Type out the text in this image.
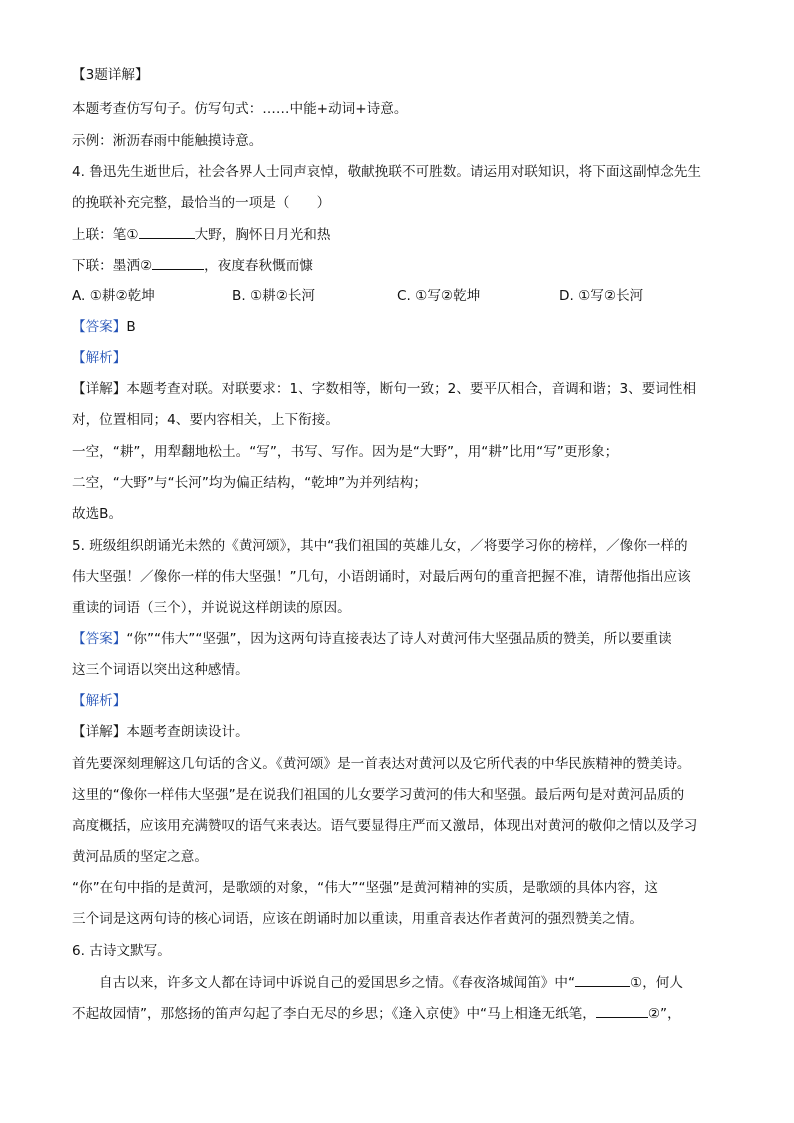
【3题详解】
本题考查仿写句子。仿写句式：……中能+动词+诗意。
示例：淅沥春雨中能触摸诗意。
4. 鲁迅先生逝世后，社会各界人士同声哀悼，敬献挽联不可胜数。请运用对联知识，将下面这副悼念先生
的挽联补充完整，最恰当的一项是（　　）
上联：笔①	大野，胸怀日月光和热
下联：墨洒②	，夜度春秋慨而慷
A. ①耕②乾坤	B. ①耕②长河	C. ①写②乾坤	D. ①写②长河
【答案】B
【解析】
【详解】本题考查对联。对联要求：1、字数相等，断句一致；2、要平仄相合，音调和谐；3、要词性相
对，位置相同；4、要内容相关，上下衔接。
一空，“耕”，用犁翻地松土。“写”，书写、写作。因为是“大野”，用“耕”比用“写”更形象；
二空，“大野”与“长河”均为偏正结构，“乾坤”为并列结构；
故选B。
5. 班级组织朗诵光未然的《黄河颂》，其中“我们祖国的英雄儿女，／将要学习你的榜样，／像你一样的
伟大坚强！／像你一样的伟大坚强！”几句，小语朗诵时，对最后两句的重音把握不准，请帮他指出应该
重读的词语（三个），并说说这样朗读的原因。
【答案】“你”“伟大”“坚强”，因为这两句诗直接表达了诗人对黄河伟大坚强品质的赞美，所以要重读
这三个词语以突出这种感情。
【解析】
【详解】本题考查朗读设计。
首先要深刻理解这几句话的含义。《黄河颂》是一首表达对黄河以及它所代表的中华民族精神的赞美诗。
这里的“像你一样伟大坚强”是在说我们祖国的儿女要学习黄河的伟大和坚强。最后两句是对黄河品质的
高度概括，应该用充满赞叹的语气来表达。语气要显得庄严而又激昂，体现出对黄河的敬仰之情以及学习
黄河品质的坚定之意。
“你”在句中指的是黄河，是歌颂的对象，“伟大”“坚强”是黄河精神的实质，是歌颂的具体内容，这
三个词是这两句诗的核心词语，应该在朗诵时加以重读，用重音表达作者黄河的强烈赞美之情。
6. 古诗文默写。
自古以来，许多文人都在诗词中诉说自己的爱国思乡之情。《春夜洛城闻笛》中“	①，何人
不起故园情”，那悠扬的笛声勾起了李白无尽的乡思；《逢入京使》中“马上相逢无纸笔，	②”，
